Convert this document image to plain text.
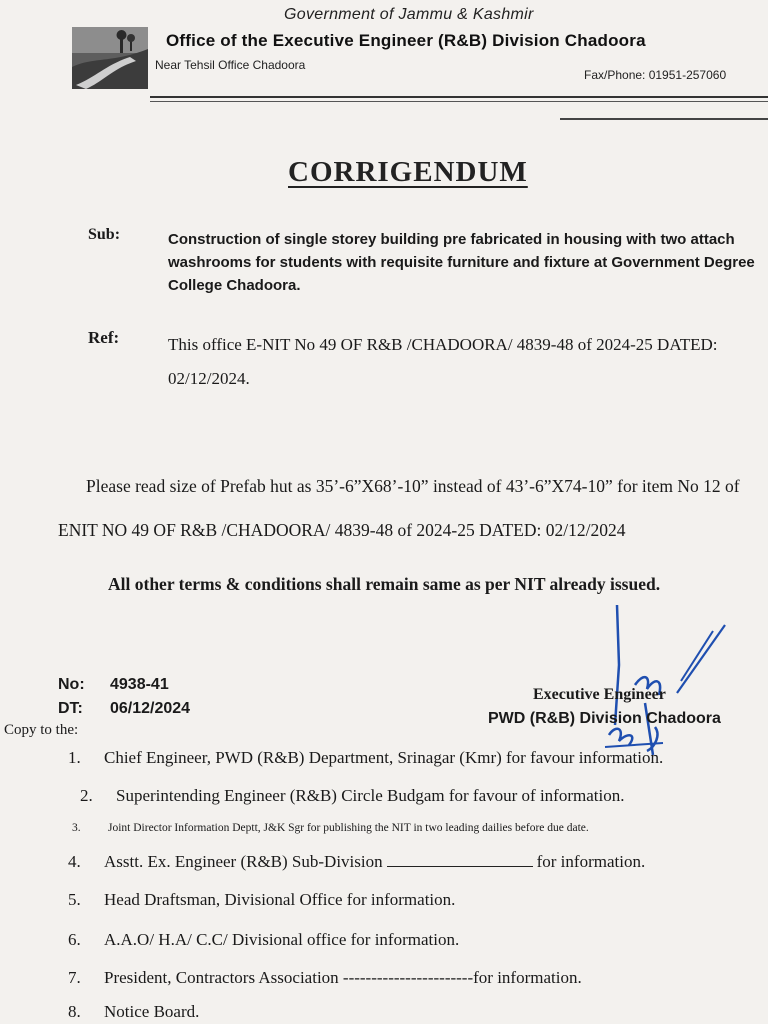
Government of Jammu & Kashmir
Office of the Executive Engineer (R&B) Division Chadoora
Near Tehsil Office Chadoora
Fax/Phone: 01951-257060
CORRIGENDUM
Sub:	Construction of single storey building pre fabricated in housing with two attach washrooms for students with requisite furniture and fixture at Government Degree College Chadoora.
Ref:	This office E-NIT No 49 OF R&B /CHADOORA/ 4839-48 of 2024-25 DATED: 02/12/2024.
Please read size of Prefab hut as 35’-6”X68’-10” instead of 43’-6”X74-10” for item No 12 of ENIT NO 49 OF R&B /CHADOORA/ 4839-48 of 2024-25 DATED: 02/12/2024
All other terms & conditions shall remain same as per NIT already issued.
No: 4938-41
DT: 06/12/2024
Executive Engineer
PWD (R&B) Division Chadoora
Copy to the:
1. Chief Engineer, PWD (R&B) Department, Srinagar (Kmr) for favour information.
2. Superintending Engineer (R&B) Circle Budgam for favour of information.
3. Joint Director Information Deptt, J&K Sgr for publishing the NIT in two leading dailies before due date.
4. Asstt. Ex. Engineer (R&B) Sub-Division	for information.
5. Head Draftsman, Divisional Office for information.
6. A.A.O/ H.A/ C.C/ Divisional office for information.
7. President, Contractors Association -----------------------for information.
8. Notice Board.
